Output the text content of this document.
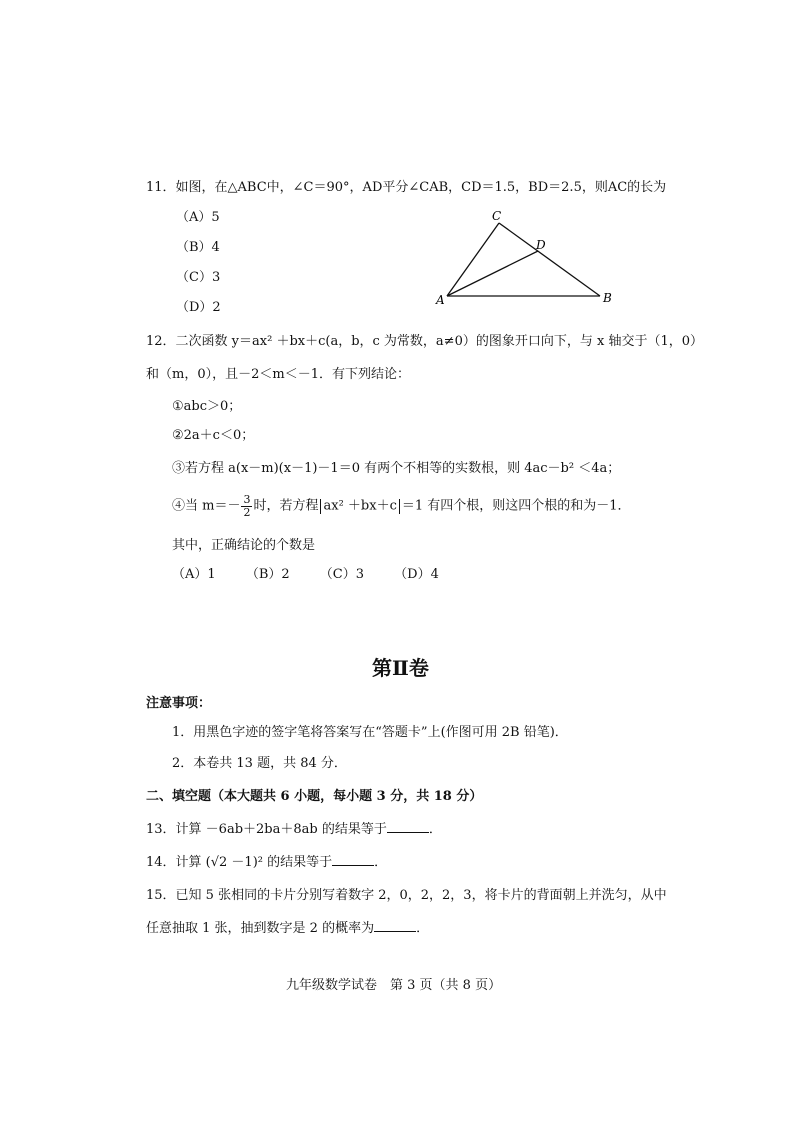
11．如图，在△ABC中，∠C＝90°，AD平分∠CAB，CD＝1.5，BD＝2.5，则AC的长为
（A）5
（B）4
（C）3
（D）2
C
D
A	B
12．二次函数 y＝ax² ＋bx＋c(a，b，c 为常数，a≠0）的图象开口向下，与 x 轴交于（1，0）
和（m，0），且－2＜m＜－1．有下列结论：
①abc＞0；
②2a＋c＜0；
③若方程 a(x－m)(x－1)－1＝0 有两个不相等的实数根，则 4ac－b² ＜4a；
④当 $m=- \frac{3}{2}$ 时，若方程 ax² ＋bx＋c ＝1 有四个根，则这四个根的和为－1．
其中，正确结论的个数是
（A）1 （B）2 （C）3 （D）4
第Ⅱ卷
注意事项：
1．用黑色字迹的签字笔将答案写在“答题卡”上(作图可用 2B 铅笔)．
2．本卷共 13 题，共 84 分．
二、填空题（本大题共 6 小题，每小题 3 分，共 18 分）
13．计算 －6ab＋2ba＋8ab 的结果等于	．
14．计算 (√2 －1)² 的结果等于	．
15．已知 5 张相同的卡片分别写着数字 2，0，2，2，3，将卡片的背面朝上并洗匀，从中
任意抽取 1 张，抽到数字是 2 的概率为	．
九年级数学试卷　第 3 页（共 8 页）
